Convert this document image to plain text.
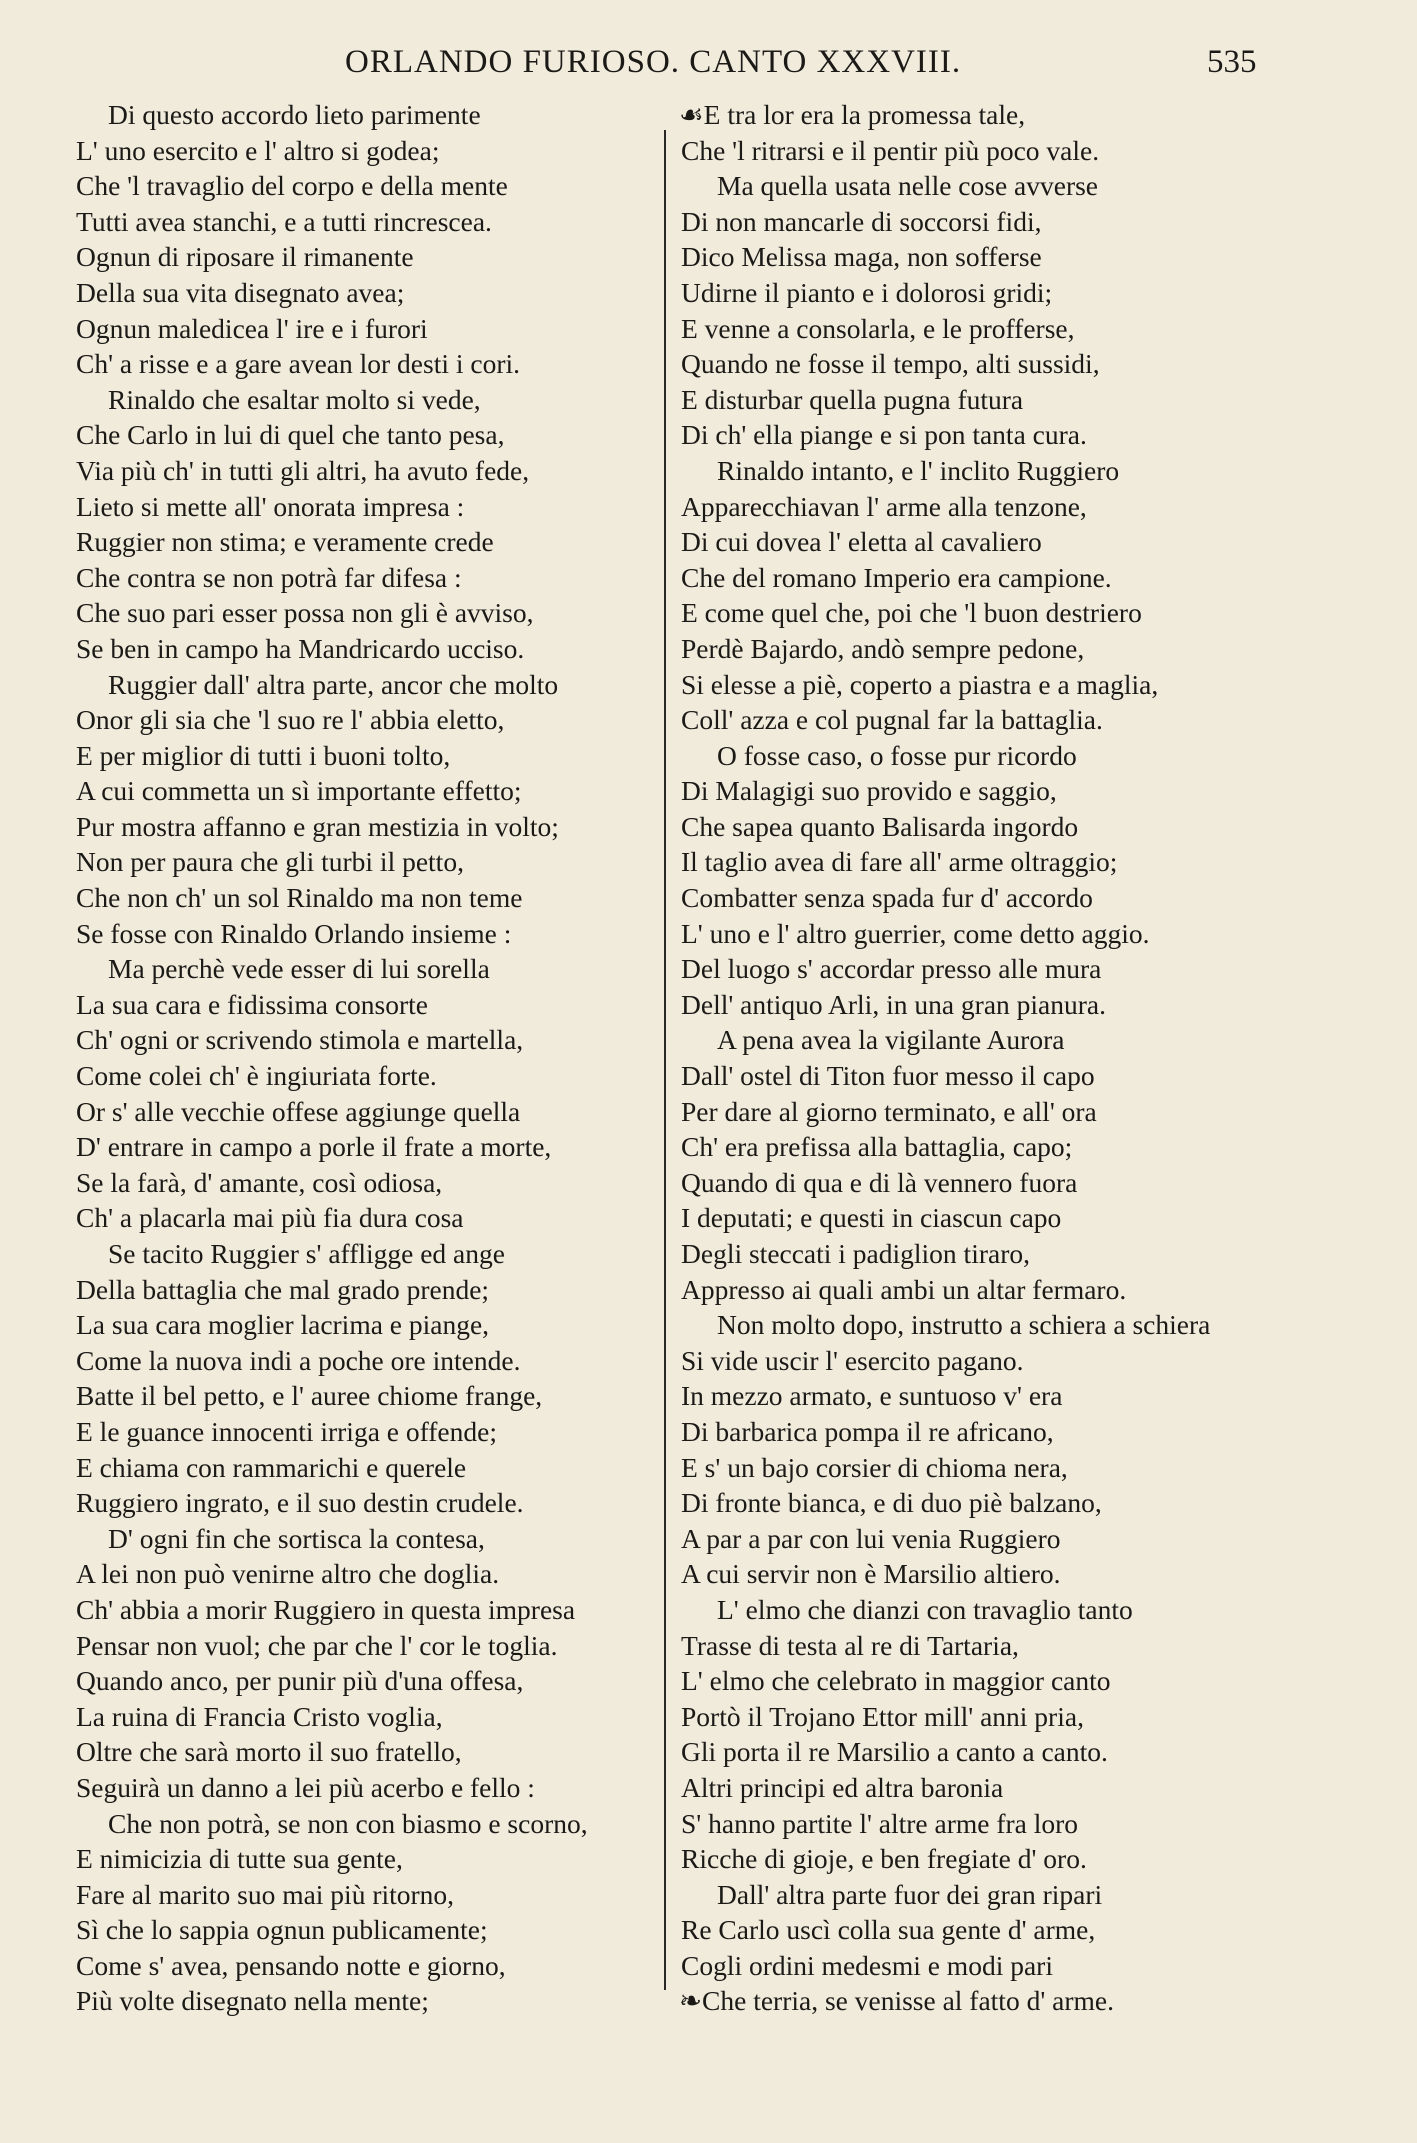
ORLANDO FURIOSO. CANTO XXXVIII.	535
Di questo accordo lieto parimente
L' uno esercito e l' altro si godea;
Che 'l travaglio del corpo e della mente
Tutti avea stanchi, e a tutti rincrescea.
Ognun di riposare il rimanente
Della sua vita disegnato avea;
Ognun maledicea l' ire e i furori
Ch' a risse e a gare avean lor desti i cori.
Rinaldo che esaltar molto si vede,
Che Carlo in lui di quel che tanto pesa,
Via più ch' in tutti gli altri, ha avuto fede,
Lieto si mette all' onorata impresa :
Ruggier non stima; e veramente crede
Che contra se non potrà far difesa :
Che suo pari esser possa non gli è avviso,
Se ben in campo ha Mandricardo ucciso.
Ruggier dall' altra parte, ancor che molto
Onor gli sia che 'l suo re l' abbia eletto,
E per miglior di tutti i buoni tolto,
A cui commetta un sì importante effetto;
Pur mostra affanno e gran mestizia in volto;
Non per paura che gli turbi il petto,
Che non ch' un sol Rinaldo ma non teme
Se fosse con Rinaldo Orlando insieme :
Ma perchè vede esser di lui sorella
La sua cara e fidissima consorte
Ch' ogni or scrivendo stimola e martella,
Come colei ch' è ingiuriata forte.
Or s' alle vecchie offese aggiunge quella
D' entrare in campo a porle il frate a morte,
Se la farà, d' amante, così odiosa,
Ch' a placarla mai più fia dura cosa
Se tacito Ruggier s' affligge ed ange
Della battaglia che mal grado prende;
La sua cara moglier lacrima e piange,
Come la nuova indi a poche ore intende.
Batte il bel petto, e l' auree chiome frange,
E le guance innocenti irriga e offende;
E chiama con rammarichi e querele
Ruggiero ingrato, e il suo destin crudele.
D' ogni fin che sortisca la contesa,
A lei non può venirne altro che doglia.
Ch' abbia a morir Ruggiero in questa impresa
Pensar non vuol; che par che l' cor le toglia.
Quando anco, per punir più d'una offesa,
La ruina di Francia Cristo voglia,
Oltre che sarà morto il suo fratello,
Seguirà un danno a lei più acerbo e fello :
Che non potrà, se non con biasmo e scorno,
E nimicizia di tutte sua gente,
Fare al marito suo mai più ritorno,
Sì che lo sappia ognun publicamente;
Come s' avea, pensando notte e giorno,
Più volte disegnato nella mente;
☙E tra lor era la promessa tale,
Che 'l ritrarsi e il pentir più poco vale.
Ma quella usata nelle cose avverse
Di non mancarle di soccorsi fidi,
Dico Melissa maga, non sofferse
Udirne il pianto e i dolorosi gridi;
E venne a consolarla, e le profferse,
Quando ne fosse il tempo, alti sussidi,
E disturbar quella pugna futura
Di ch' ella piange e si pon tanta cura.
Rinaldo intanto, e l' inclito Ruggiero
Apparecchiavan l' arme alla tenzone,
Di cui dovea l' eletta al cavaliero
Che del romano Imperio era campione.
E come quel che, poi che 'l buon destriero
Perdè Bajardo, andò sempre pedone,
Si elesse a piè, coperto a piastra e a maglia,
Coll' azza e col pugnal far la battaglia.
O fosse caso, o fosse pur ricordo
Di Malagigi suo provido e saggio,
Che sapea quanto Balisarda ingordo
Il taglio avea di fare all' arme oltraggio;
Combatter senza spada fur d' accordo
L' uno e l' altro guerrier, come detto aggio.
Del luogo s' accordar presso alle mura
Dell' antiquo Arli, in una gran pianura.
A pena avea la vigilante Aurora
Dall' ostel di Titon fuor messo il capo
Per dare al giorno terminato, e all' ora
Ch' era prefissa alla battaglia, capo;
Quando di qua e di là vennero fuora
I deputati; e questi in ciascun capo
Degli steccati i padiglion tiraro,
Appresso ai quali ambi un altar fermaro.
Non molto dopo, instrutto a schiera a schiera
Si vide uscir l' esercito pagano.
In mezzo armato, e suntuoso v' era
Di barbarica pompa il re africano,
E s' un bajo corsier di chioma nera,
Di fronte bianca, e di duo piè balzano,
A par a par con lui venia Ruggiero
A cui servir non è Marsilio altiero.
L' elmo che dianzi con travaglio tanto
Trasse di testa al re di Tartaria,
L' elmo che celebrato in maggior canto
Portò il Trojano Ettor mill' anni pria,
Gli porta il re Marsilio a canto a canto.
Altri principi ed altra baronia
S' hanno partite l' altre arme fra loro
Ricche di gioje, e ben fregiate d' oro.
Dall' altra parte fuor dei gran ripari
Re Carlo uscì colla sua gente d' arme,
Cogli ordini medesmi e modi pari
❧Che terria, se venisse al fatto d' arme.
